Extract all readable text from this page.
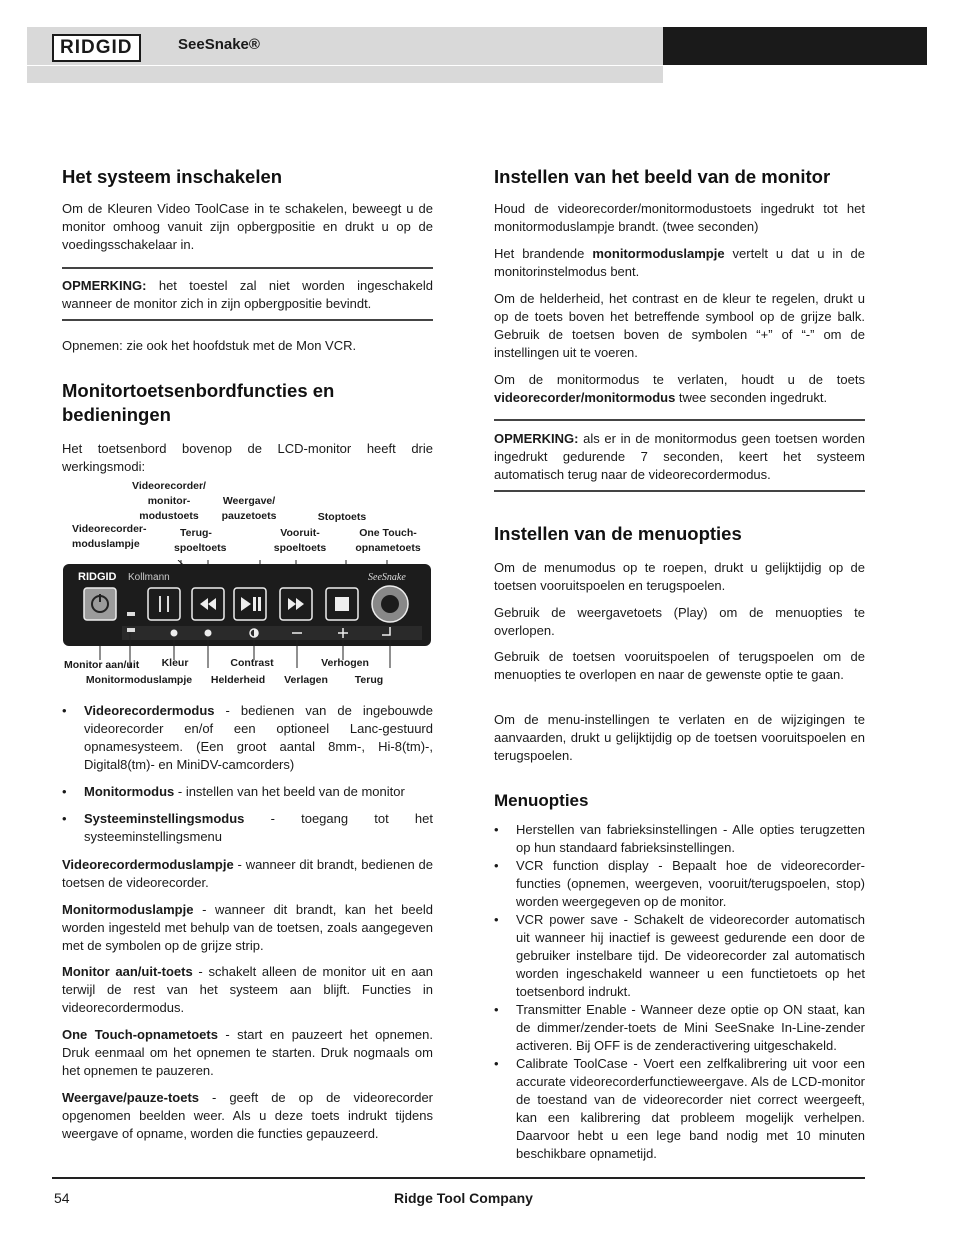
RIDGID	SeeSnake®
Het systeem inschakelen

Om de Kleuren Video ToolCase in te schakelen, beweegt u de monitor omhoog vanuit zijn opbergpositie en drukt u op de voedingsschakelaar in.

OPMERKING: het toestel zal niet worden ingeschakeld wanneer de monitor zich in zijn opbergpositie bevindt.

Opnemen: zie ook het hoofdstuk met de Mon VCR.

Monitortoetsenbordfuncties en bedieningen

Het toetsenbord bovenop de LCD-monitor heeft drie werkingsmodi:

Videorecorder/ monitor- modustoets
Weergave/ pauzetoets	Stoptoets
Videorecorder- moduslampje
Terug- spoeltoets
Vooruit- spoeltoets
One Touch- opnametoets
RIDGID Kollmann	SeeSnake
Monitor aan/uit	Kleur	Contrast	Verhogen
Monitormoduslampje	Helderheid	Verlagen	Terug
• Videorecordermodus - bedienen van de ingebouwde videorecorder en/of een optioneel Lanc-gestuurd opnamesysteem. (Een groot aantal 8mm-, Hi-8(tm)-, Digital8(tm)- en MiniDV-camcorders)
• Monitormodus - instellen van het beeld van de monitor
• Systeeminstellingsmodus - toegang tot het systeeminstellingsmenu

Videorecordermoduslampje - wanneer dit brandt, bedienen de toetsen de videorecorder.

Monitormoduslampje - wanneer dit brandt, kan het beeld worden ingesteld met behulp van de toetsen, zoals aangegeven met de symbolen op de grijze strip.

Monitor aan/uit-toets - schakelt alleen de monitor uit en aan terwijl de rest van het systeem aan blijft. Functies in videorecordermodus.

One Touch-opnametoets - start en pauzeert het opnemen. Druk eenmaal om het opnemen te starten. Druk nogmaals om het opnemen te pauzeren.

Weergave/pauze-toets - geeft de op de videorecorder opgenomen beelden weer. Als u deze toets indrukt tijdens weergave of opname, worden die functies gepauzeerd.

Instellen van het beeld van de monitor

Houd de videorecorder/monitormodustoets ingedrukt tot het monitormoduslampje brandt. (twee seconden)

Het brandende monitormoduslampje vertelt u dat u in de monitorinstelmodus bent.

Om de helderheid, het contrast en de kleur te regelen, drukt u op de toets boven het betreffende symbool op de grijze balk. Gebruik de toetsen boven de symbolen “+” of “-” om de instellingen uit te voeren.

Om de monitormodus te verlaten, houdt u de toets videorecorder/monitormodus twee seconden ingedrukt.

OPMERKING: als er in de monitormodus geen toetsen worden ingedrukt gedurende 7 seconden, keert het systeem automatisch terug naar de videorecordermodus.

Instellen van de menuopties

Om de menumodus op te roepen, drukt u gelijktijdig op de toetsen vooruitspoelen en terugspoelen.

Gebruik de weergavetoets (Play) om de menuopties te overlopen.

Gebruik de toetsen vooruitspoelen of terugspoelen om de menuopties te overlopen en naar de gewenste optie te gaan.

Om de menu-instellingen te verlaten en de wijzigingen te aanvaarden, drukt u gelijktijdig op de toetsen vooruitspoelen en terugspoelen.

Menuopties
• Herstellen van fabrieksinstellingen - Alle opties terugzetten op hun standaard fabrieksinstellingen.
• VCR function display - Bepaalt hoe de videorecorder-functies (opnemen, weergeven, vooruit/terugspoelen, stop) worden weergegeven op de monitor.
• VCR power save - Schakelt de videorecorder automatisch uit wanneer hij inactief is geweest gedurende een door de gebruiker instelbare tijd. De videorecorder zal automatisch worden ingeschakeld wanneer u een functietoets op het toetsenbord indrukt.
• Transmitter Enable - Wanneer deze optie op ON staat, kan de dimmer/zender-toets de Mini SeeSnake In-Line-zender activeren. Bij OFF is de zenderactivering uitgeschakeld.
• Calibrate ToolCase - Voert een zelfkalibrering uit voor een accurate videorecorderfunctieweergave. Als de LCD-monitor de toestand van de videorecorder niet correct weergeeft, kan een kalibrering dat probleem mogelijk verhelpen. Daarvoor hebt u een lege band nodig met 10 minuten beschikbare opnametijd.
54	Ridge Tool Company
